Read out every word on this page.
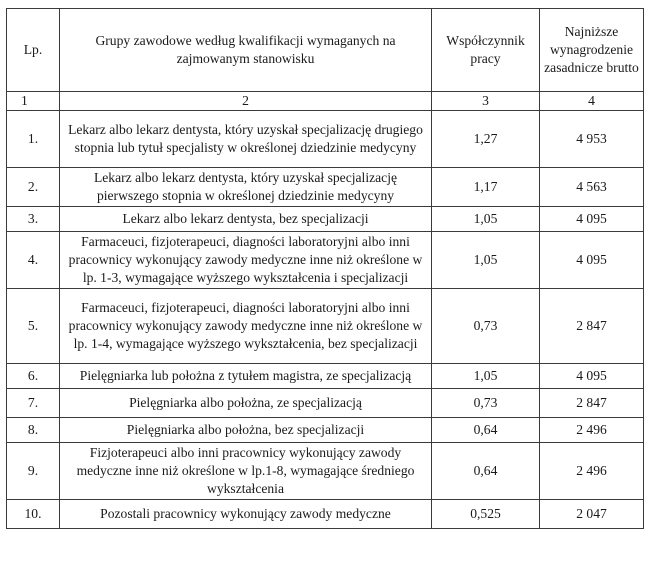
Lp.	Grupy zawodowe według kwalifikacji wymaganych na zajmowanym stanowisku	Współczynnik pracy	Najniższe wynagrodzenie zasadnicze brutto
1	2	3	4
1.	Lekarz albo lekarz dentysta, który uzyskał specjalizację drugiego stopnia lub tytuł specjalisty w określonej dziedzinie medycyny	1,27	4 953
2.	Lekarz albo lekarz dentysta, który uzyskał specjalizację pierwszego stopnia w określonej dziedzinie medycyny	1,17	4 563
3.	Lekarz albo lekarz dentysta, bez specjalizacji	1,05	4 095
4.	Farmaceuci, fizjoterapeuci, diagności laboratoryjni albo inni pracownicy wykonujący zawody medyczne inne niż określone w lp. 1-3, wymagające wyższego wykształcenia i specjalizacji	1,05	4 095
5.	Farmaceuci, fizjoterapeuci, diagności laboratoryjni albo inni pracownicy wykonujący zawody medyczne inne niż określone w lp. 1-4, wymagające wyższego wykształcenia, bez specjalizacji	0,73	2 847
6.	Pielęgniarka lub położna z tytułem magistra, ze specjalizacją	1,05	4 095
7.	Pielęgniarka albo położna, ze specjalizacją	0,73	2 847
8.	Pielęgniarka albo położna, bez specjalizacji	0,64	2 496
9.	Fizjoterapeuci albo inni pracownicy wykonujący zawody medyczne inne niż określone w lp.1-8, wymagające średniego wykształcenia	0,64	2 496
10.	Pozostali pracownicy wykonujący zawody medyczne	0,525	2 047
